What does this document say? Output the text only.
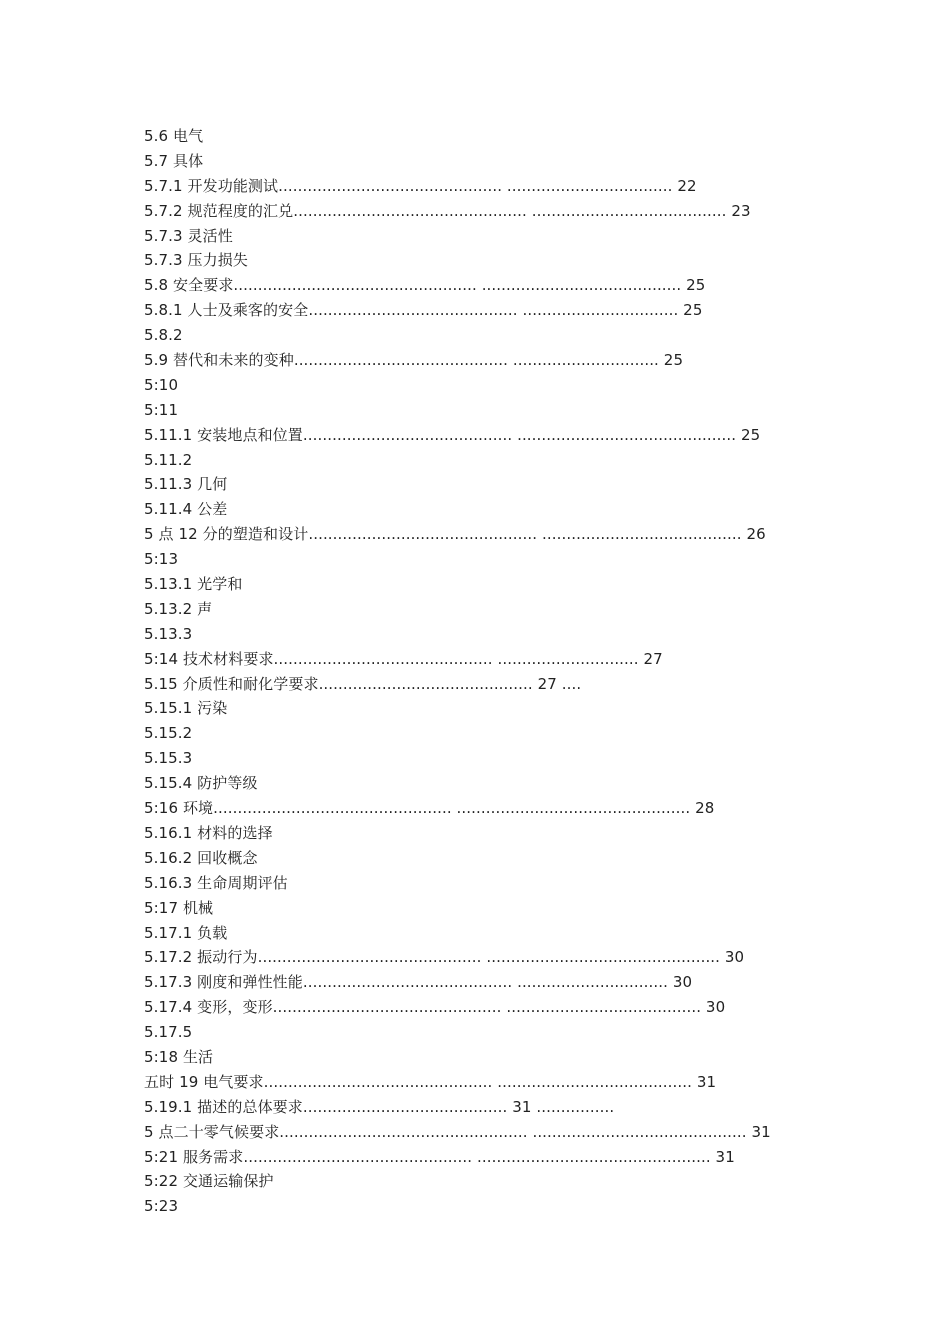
5.6 电气
5.7 具体
5.7.1 开发功能测试.............................................. .................................. 22
5.7.2 规范程度的汇兑................................................ ........................................ 23
5.7.3 灵活性
5.7.3 压力损失
5.8 安全要求.................................................. ......................................... 25
5.8.1 人士及乘客的安全........................................... ................................ 25
5.8.2
5.9 替代和未来的变种............................................ .............................. 25
5:10
5:11
5.11.1 安装地点和位置........................................... ............................................. 25
5.11.2
5.11.3 几何
5.11.4 公差
5 点 12 分的塑造和设计............................................... ......................................... 26
5:13
5.13.1 光学和
5.13.2 声
5.13.3
5:14 技术材料要求............................................. ............................. 27
5.15 介质性和耐化学要求............................................ 27 ....
5.15.1 污染
5.15.2
5.15.3
5.15.4 防护等级
5:16 环境................................................. ................................................ 28
5.16.1 材料的选择
5.16.2 回收概念
5.16.3 生命周期评估
5:17 机械
5.17.1 负载
5.17.2 振动行为.............................................. ................................................ 30
5.17.3 刚度和弹性性能........................................... ............................... 30
5.17.4 变形，变形............................................... ........................................ 30
5.17.5
5:18 生活
五时 19 电气要求............................................... ........................................ 31
5.19.1 描述的总体要求.......................................... 31 ................
5 点二十零气候要求................................................... ............................................ 31
5:21 服务需求............................................... ................................................ 31
5:22 交通运输保护
5:23
